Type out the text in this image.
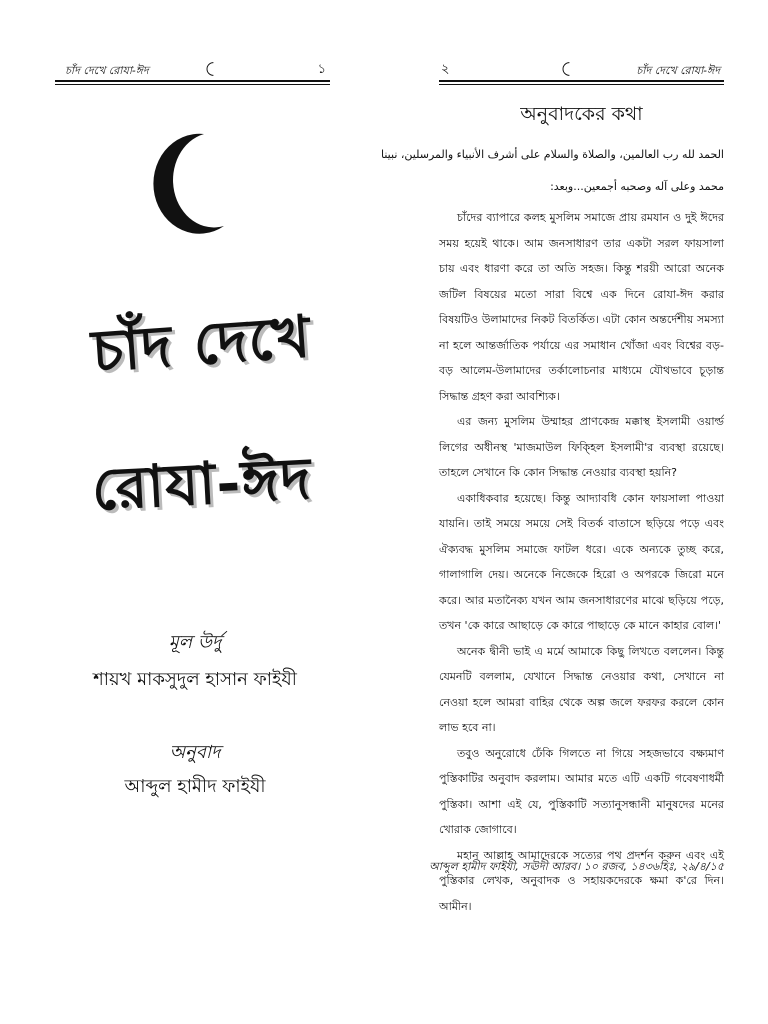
চাঁদ দেখে রোযা-ঈদ	১
চাঁদ দেখে
রোযা-ঈদ
মূল উর্দু
শায়খ মাকসুদুল হাসান ফাইযী
অনুবাদ
আব্দুল হামীদ ফাইযী
২	চাঁদ দেখে রোযা-ঈদ
অনুবাদকের কথা
الحمد لله رب العالمين، والصلاة والسلام على أشرف الأنبياء والمرسلين، نبينا
محمد وعلى آله وصحبه أجمعين...وبعد:

চাঁদের ব্যাপারে কলহ মুসলিম সমাজে প্রায় রমযান ও দুই ঈদের সময় হয়েই থাকে। আম জনসাধারণ তার একটা সরল ফায়সালা চায় এবং ধারণা করে তা অতি সহজ। কিন্তু শরয়ী আরো অনেক জটিল বিষয়ের মতো সারা বিশ্বে এক দিনে রোযা-ঈদ করার বিষয়টিও উলামাদের নিকট বিতর্কিত। এটা কোন অন্তর্দেশীয় সমস্যা না হলে আন্তর্জাতিক পর্যায়ে এর সমাধান খোঁজা এবং বিশ্বের বড়-বড় আলেম-উলামাদের তর্কালোচনার মাধ্যমে যৌথভাবে চূড়ান্ত সিদ্ধান্ত গ্রহণ করা আবশ্যিক।

এর জন্য মুসলিম উম্মাহর প্রাণকেন্দ্র মক্কাস্থ ইসলামী ওয়ার্ল্ড লিগের অধীনস্থ 'মাজমাউল ফিক্হিল ইসলামী'র ব্যবস্থা রয়েছে। তাহলে সেখানে কি কোন সিদ্ধান্ত নেওয়ার ব্যবস্থা হয়নি?

একাধিকবার হয়েছে। কিন্তু আদ্যাবধি কোন ফায়সালা পাওয়া যায়নি। তাই সময়ে সময়ে সেই বিতর্ক বাতাসে ছড়িয়ে পড়ে এবং ঐক্যবদ্ধ মুসলিম সমাজে ফাটল ধরে। একে অন্যকে তুচ্ছ করে, গালাগালি দেয়। অনেকে নিজেকে হিরো ও অপরকে জিরো মনে করে। আর মতানৈক্য যখন আম জনসাধারণের মাঝে ছড়িয়ে পড়ে, তখন 'কে কারে আছাড়ে কে কারে পাছাড়ে কে মানে কাহার বোল।'

অনেক দ্বীনী ভাই এ মর্মে আমাকে কিছু লিখতে বললেন। কিন্তু যেমনটি বললাম, যেখানে সিদ্ধান্ত নেওয়ার কথা, সেখানে না নেওয়া হলে আমরা বাহির থেকে অল্প জলে ফরফর করলে কোন লাভ হবে না।

তবুও অনুরোধে ঢেঁকি গিলতে না গিয়ে সহজভাবে বক্ষ্যমাণ পুস্তিকাটির অনুবাদ করলাম। আমার মতে এটি একটি গবেষণাধর্মী পুস্তিকা। আশা এই যে, পুস্তিকাটি সত্যানুসন্ধানী মানুষদের মনের খোরাক জোগাবে।

মহান আল্লাহ আমাদেরকে সত্যের পথ প্রদর্শন করুন এবং এই পুস্তিকার লেখক, অনুবাদক ও সহায়কদেরকে ক্ষমা ক'রে দিন। আমীন।

আব্দুল হামীদ ফাইযী, সঊদী আরব। ১০ রজব, ১৪৩৬হিঃ, ২৯/৪/১৫
